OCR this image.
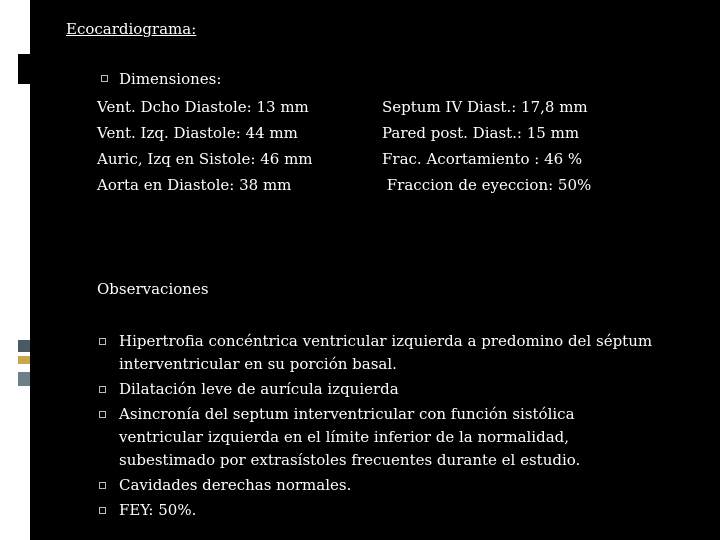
Ecocardiograma:
Dimensiones:
Vent. Dcho Diastole: 13 mm
Vent. Izq. Diastole: 44 mm
Auric, Izq en Sistole: 46 mm
Aorta en Diastole: 38 mm
Septum IV Diast.: 17,8 mm
Pared post. Diast.: 15 mm
Frac. Acortamiento : 46 %
Fraccion de eyeccion: 50%
Observaciones
Hipertrofia concéntrica ventricular izquierda a predomino del séptum interventricular en su porción basal.
Dilatación leve de aurícula izquierda
Asincronía del septum interventricular con función sistólica ventricular izquierda en el límite inferior de la normalidad, subestimado por extrasístoles frecuentes durante el estudio.
Cavidades derechas normales.
FEY: 50%.
